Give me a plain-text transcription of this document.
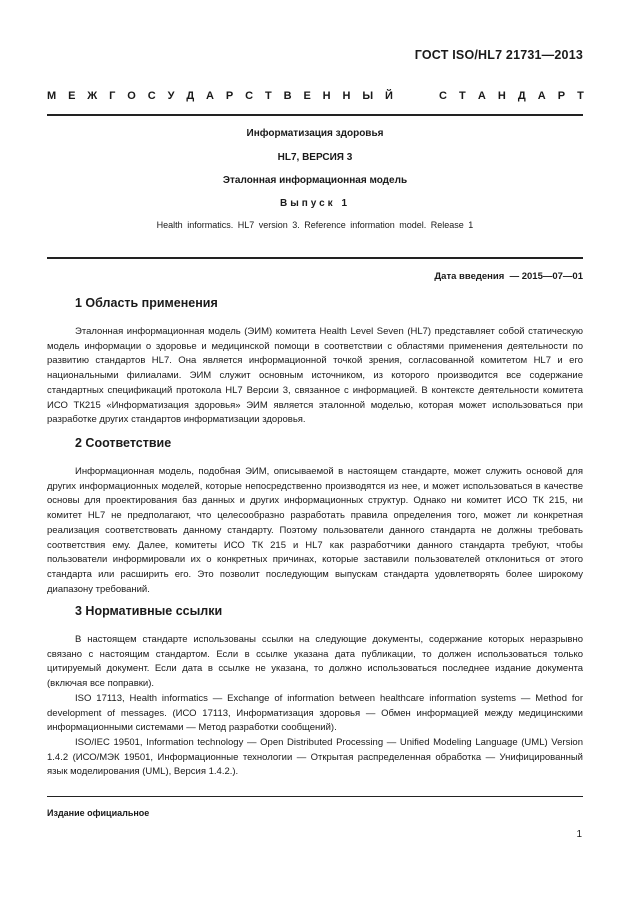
ГОСТ ISO/HL7 21731—2013
М Е Ж Г О С У Д А Р С Т В Е Н Н Ы Й	С Т А Н Д А Р Т
Информатизация здоровья
HL7, ВЕРСИЯ 3
Эталонная информационная модель
Выпуск 1
Health informatics. HL7 version 3. Reference information model. Release 1
Дата введения — 2015—07—01
1 Область применения

Эталонная информационная модель (ЭИМ) комитета Health Level Seven (HL7) представляет собой статическую модель информации о здоровье и медицинской помощи в соответствии с областями применения деятельности по развитию стандартов HL7. Она является информационной точкой зрения, согласованной комитетом HL7 и его национальными филиалами. ЭИМ служит основным источником, из которого производится все содержание стандартных спецификаций протокола HL7 Версии 3, связанное с информацией. В контексте деятельности комитета ИСО ТК215 «Информатизация здоровья» ЭИМ является эталонной моделью, которая может использоваться при разработке других стандартов информатизации здоровья.

2 Соответствие

Информационная модель, подобная ЭИМ, описываемой в настоящем стандарте, может служить основой для других информационных моделей, которые непосредственно производятся из нее, и может использоваться в качестве основы для проектирования баз данных и других информационных структур. Однако ни комитет ИСО ТК 215, ни комитет HL7 не предполагают, что целесообразно разработать правила определения того, может ли конкретная реализация соответствовать данному стандарту. Поэтому пользователи данного стандарта не должны требовать соответствия ему. Далее, комитеты ИСО ТК 215 и HL7 как разработчики данного стандарта требуют, чтобы пользователи информировали их о конкретных причинах, которые заставили пользователей отклониться от этого стандарта или расширить его. Это позволит последующим выпускам стандарта удовлетворять более широкому диапазону требований.

3 Нормативные ссылки

В настоящем стандарте использованы ссылки на следующие документы, содержание которых неразрывно связано с настоящим стандартом. Если в ссылке указана дата публикации, то должен использоваться только цитируемый документ. Если дата в ссылке не указана, то должно использоваться последнее издание документа (включая все поправки).

ISO 17113, Health informatics — Exchange of information between healthcare information systems — Method for development of messages. (ИСО 17113, Информатизация здоровья — Обмен информацией между медицинскими информационными системами — Метод разработки сообщений).

ISO/IEC 19501, Information technology — Open Distributed Processing — Unified Modeling Language (UML) Version 1.4.2 (ИСО/МЭК 19501, Информационные технологии — Открытая распределенная обработка — Унифицированный язык моделирования (UML), Версия 1.4.2.).

Издание официальное
1
